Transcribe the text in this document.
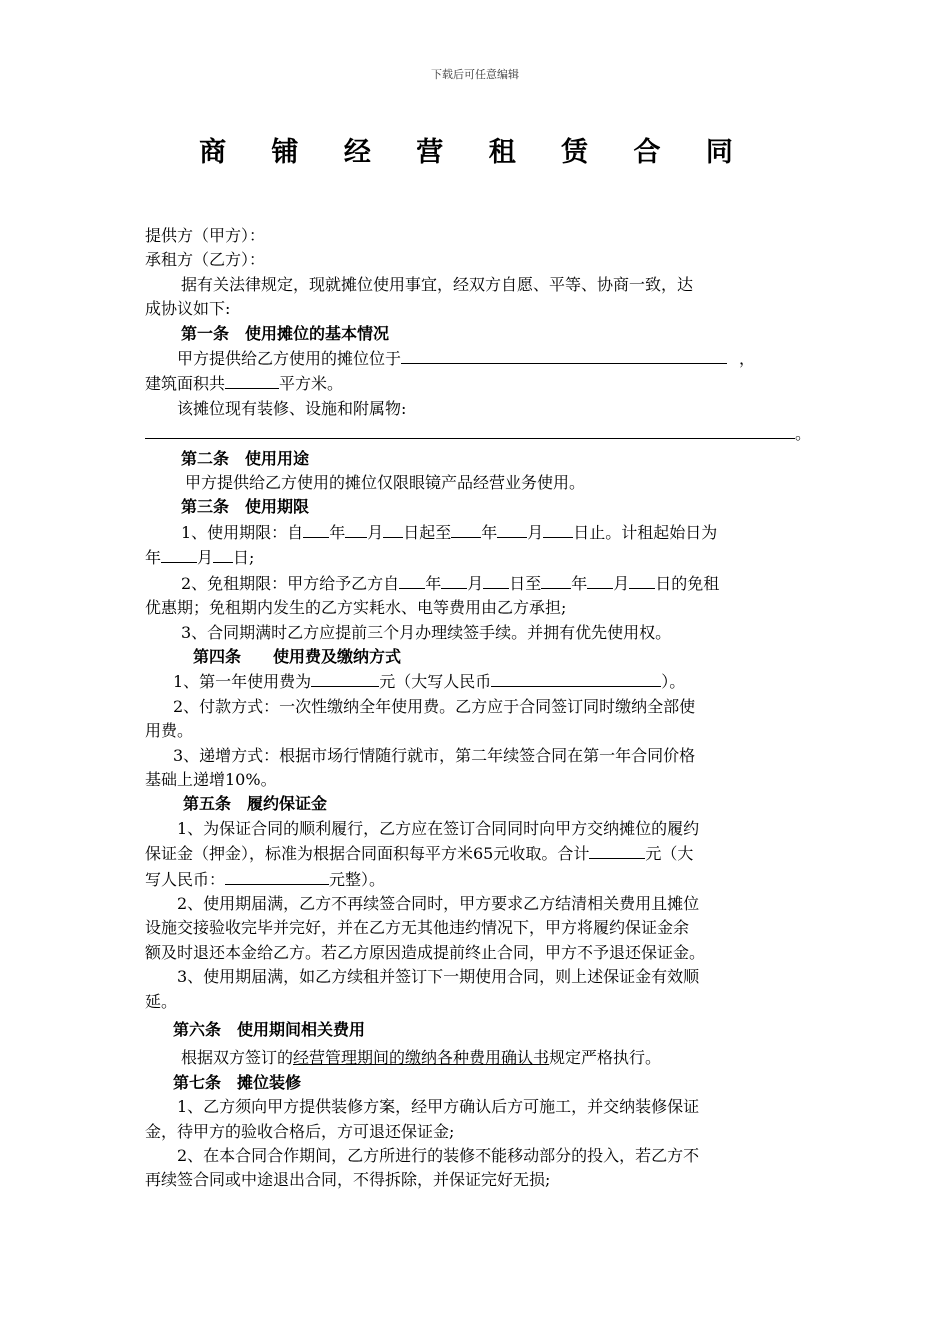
下载后可任意编辑
商 铺 经 营 租 赁 合 同

提供方（甲方）：

承租方（乙方）：

据有关法律规定，现就摊位使用事宜，经双方自愿、平等、协商一致，达

成协议如下:

第一条　使用摊位的基本情况

甲方提供给乙方使用的摊位位于	，

建筑面积共	平方米。

该摊位现有装修、设施和附属物:

。

第二条　使用用途

甲方提供给乙方使用的摊位仅限眼镜产品经营业务使用。

第三条　使用期限

1、使用期限：自 年 月 日起至 年 月 日止。计租起始日为

年 月 日;

2、免租期限：甲方给予乙方自 年 月 日至 年 月 日的免租

优惠期；免租期内发生的乙方实耗水、电等费用由乙方承担;

3、合同期满时乙方应提前三个月办理续签手续。并拥有优先使用权。

第四条　　使用费及缴纳方式

1、第一年使用费为	元（大写人民币	）。

2、付款方式：一次性缴纳全年使用费。乙方应于合同签订同时缴纳全部使

用费。

3、递增方式：根据市场行情随行就市，第二年续签合同在第一年合同价格

基础上递增10%。

第五条　履约保证金

1、为保证合同的顺利履行，乙方应在签订合同同时向甲方交纳摊位的履约

保证金（押金），标准为根据合同面积每平方米65元收取。合计	元（大

写人民币：	元整）。

2、使用期届满，乙方不再续签合同时，甲方要求乙方结清相关费用且摊位

设施交接验收完毕并完好，并在乙方无其他违约情况下，甲方将履约保证金余

额及时退还本金给乙方。若乙方原因造成提前终止合同，甲方不予退还保证金。

3、使用期届满，如乙方续租并签订下一期使用合同，则上述保证金有效顺

延。

第六条　使用期间相关费用

根据双方签订的经营管理期间的缴纳各种费用确认书规定严格执行。

第七条　摊位装修

1、乙方须向甲方提供装修方案，经甲方确认后方可施工，并交纳装修保证

金，待甲方的验收合格后，方可退还保证金;

2、在本合同合作期间，乙方所进行的装修不能移动部分的投入，若乙方不

再续签合同或中途退出合同，不得拆除，并保证完好无损;
